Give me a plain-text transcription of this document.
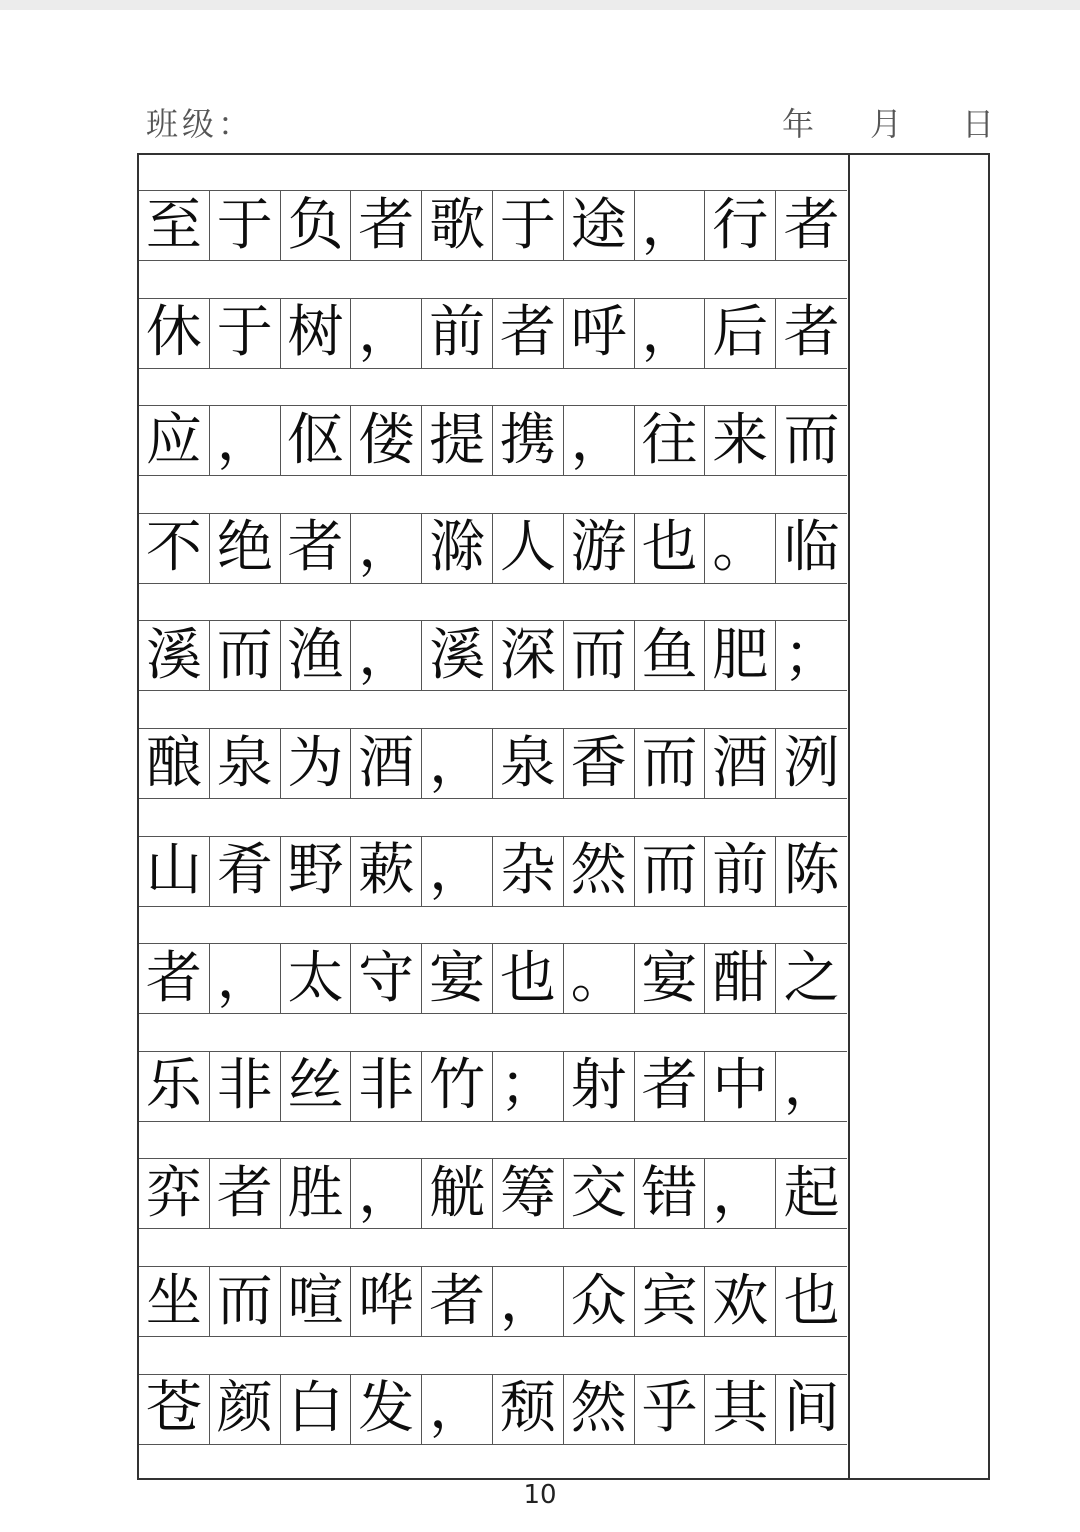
班级：	年 月 日
至 于 负 者 歌 于 途 ， 行 者
休 于 树 ， 前 者 呼 ， 后 者
应 ， 伛 偻 提 携 ， 往 来 而
不 绝 者 ， 滁 人 游 也 。 临
溪 而 渔 ， 溪 深 而 鱼 肥 ；
酿 泉 为 酒 ， 泉 香 而 酒 洌
山 肴 野 蔌 ， 杂 然 而 前 陈
者 ， 太 守 宴 也 。 宴 酣 之
乐 非 丝 非 竹 ； 射 者 中 ，
弈 者 胜 ， 觥 筹 交 错 ， 起
坐 而 喧 哗 者 ， 众 宾 欢 也
苍 颜 白 发 ， 颓 然 乎 其 间
10
